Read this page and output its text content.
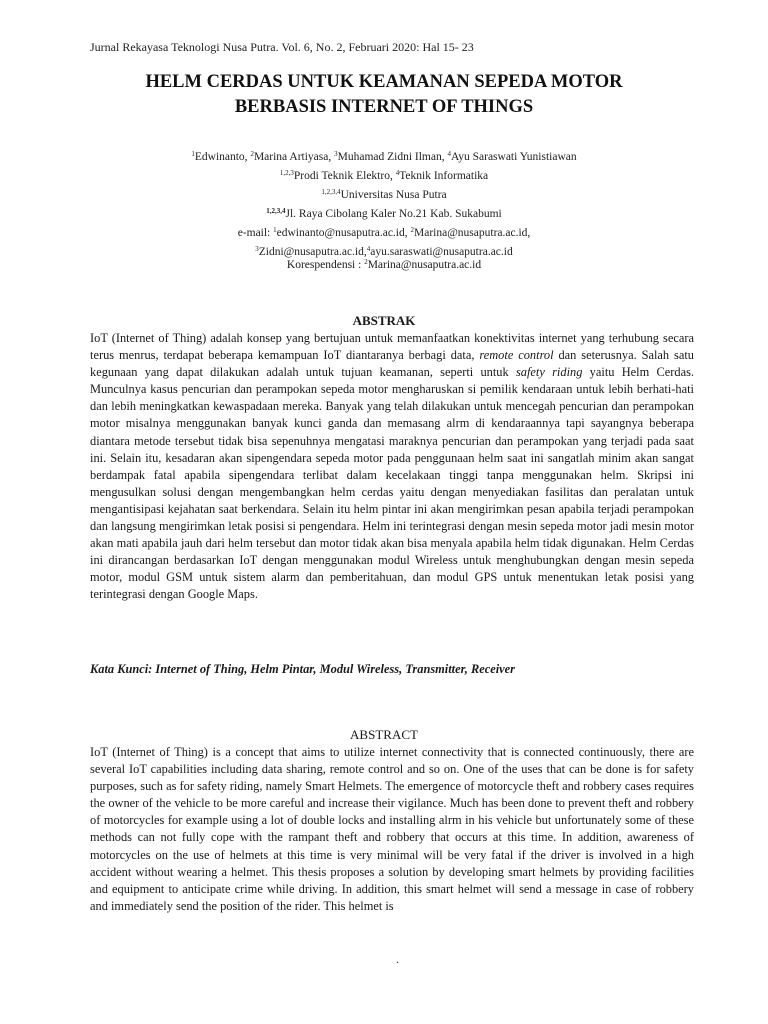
Jurnal Rekayasa Teknologi Nusa Putra. Vol. 6, No. 2, Februari 2020: Hal 15- 23
HELM CERDAS UNTUK KEAMANAN SEPEDA MOTOR
BERBASIS INTERNET OF THINGS
$^1$Edwinanto, $^2$Marina Artiyasa, $^3$Muhamad Zidni Ilman, $^4$Ayu Saraswati Yunistiawan
$^{1,2,3}$Prodi Teknik Elektro, $^4$Teknik Informatika
$^{1,2,3,4}$Universitas Nusa Putra
$^{1,2,3,4}$Jl. Raya Cibolang Kaler No.21 Kab. Sukabumi
e-mail: $^1$edwinanto@nusaputra.ac.id, $^2$Marina@nusaputra.ac.id,
$^3$Zidni@nusaputra.ac.id,$^4$ayu.saraswati@nusaputra.ac.id
Korespendensi : $^2$Marina@nusaputra.ac.id
ABSTRAK
IoT (Internet of Thing) adalah konsep yang bertujuan untuk memanfaatkan konektivitas internet yang terhubung secara terus menrus, terdapat beberapa kemampuan IoT diantaranya berbagi data, remote control dan seterusnya. Salah satu kegunaan yang dapat dilakukan adalah untuk tujuan keamanan, seperti untuk safety riding yaitu Helm Cerdas. Munculnya kasus pencurian dan perampokan sepeda motor mengharuskan si pemilik kendaraan untuk lebih berhati-hati dan lebih meningkatkan kewaspadaan mereka. Banyak yang telah dilakukan untuk mencegah pencurian dan perampokan motor misalnya menggunakan banyak kunci ganda dan memasang alrm di kendaraannya tapi sayangnya beberapa diantara metode tersebut tidak bisa sepenuhnya mengatasi maraknya pencurian dan perampokan yang terjadi pada saat ini. Selain itu, kesadaran akan sipengendara sepeda motor pada penggunaan helm saat ini sangatlah minim akan sangat berdampak fatal apabila sipengendara terlibat dalam kecelakaan tinggi tanpa menggunakan helm. Skripsi ini mengusulkan solusi dengan mengembangkan helm cerdas yaitu dengan menyediakan fasilitas dan peralatan untuk mengantisipasi kejahatan saat berkendara. Selain itu helm pintar ini akan mengirimkan pesan apabila terjadi perampokan dan langsung mengirimkan letak posisi si pengendara. Helm ini terintegrasi dengan mesin sepeda motor jadi mesin motor akan mati apabila jauh dari helm tersebut dan motor tidak akan bisa menyala apabila helm tidak digunakan. Helm Cerdas ini dirancangan berdasarkan IoT dengan menggunakan modul Wireless untuk menghubungkan dengan mesin sepeda motor, modul GSM untuk sistem alarm dan pemberitahuan, dan modul GPS untuk menentukan letak posisi yang terintegrasi dengan Google Maps.
Kata Kunci: Internet of Thing, Helm Pintar, Modul Wireless, Transmitter, Receiver
ABSTRACT
IoT (Internet of Thing) is a concept that aims to utilize internet connectivity that is connected continuously, there are several IoT capabilities including data sharing, remote control and so on. One of the uses that can be done is for safety purposes, such as for safety riding, namely Smart Helmets. The emergence of motorcycle theft and robbery cases requires the owner of the vehicle to be more careful and increase their vigilance. Much has been done to prevent theft and robbery of motorcycles for example using a lot of double locks and installing alrm in his vehicle but unfortunately some of these methods can not fully cope with the rampant theft and robbery that occurs at this time. In addition, awareness of motorcycles on the use of helmets at this time is very minimal will be very fatal if the driver is involved in a high accident without wearing a helmet. This thesis proposes a solution by developing smart helmets by providing facilities and equipment to anticipate crime while driving. In addition, this smart helmet will send a message in case of robbery and immediately send the position of the rider. This helmet is
.
